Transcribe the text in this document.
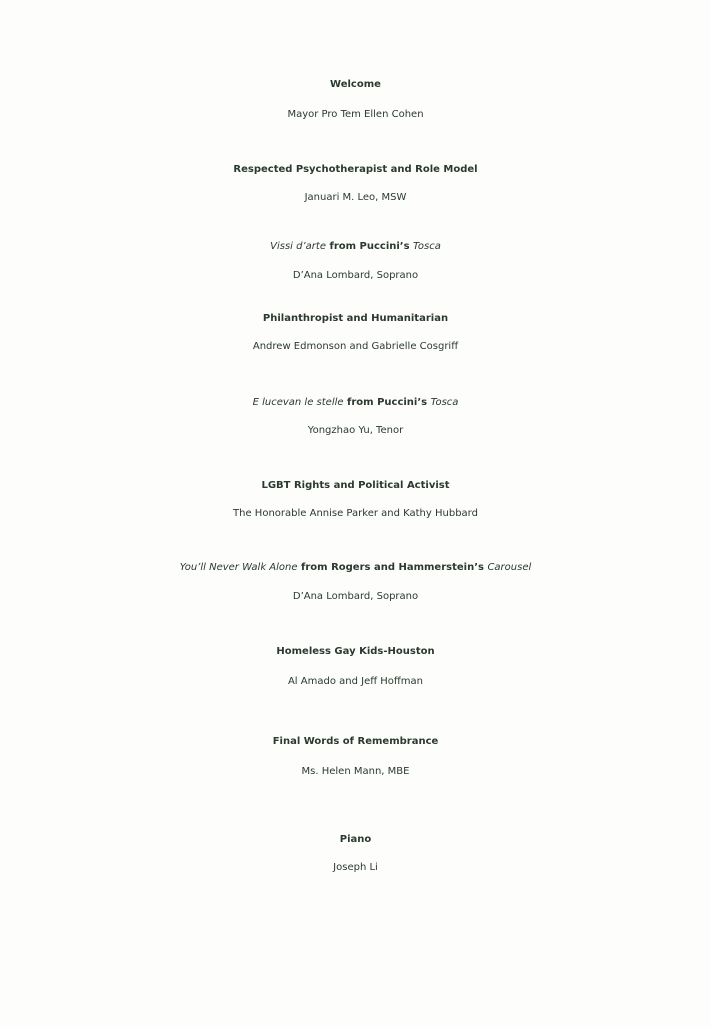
Welcome
Mayor Pro Tem Ellen Cohen
Respected Psychotherapist and Role Model
Januari M. Leo, MSW
Vissi d’arte from Puccini’s Tosca
D’Ana Lombard, Soprano
Philanthropist and Humanitarian
Andrew Edmonson and Gabrielle Cosgriff
E lucevan le stelle from Puccini’s Tosca
Yongzhao Yu, Tenor
LGBT Rights and Political Activist
The Honorable Annise Parker and Kathy Hubbard
You’ll Never Walk Alone from Rogers and Hammerstein’s Carousel
D’Ana Lombard, Soprano
Homeless Gay Kids-Houston
Al Amado and Jeff Hoffman
Final Words of Remembrance
Ms. Helen Mann, MBE
Piano
Joseph Li
